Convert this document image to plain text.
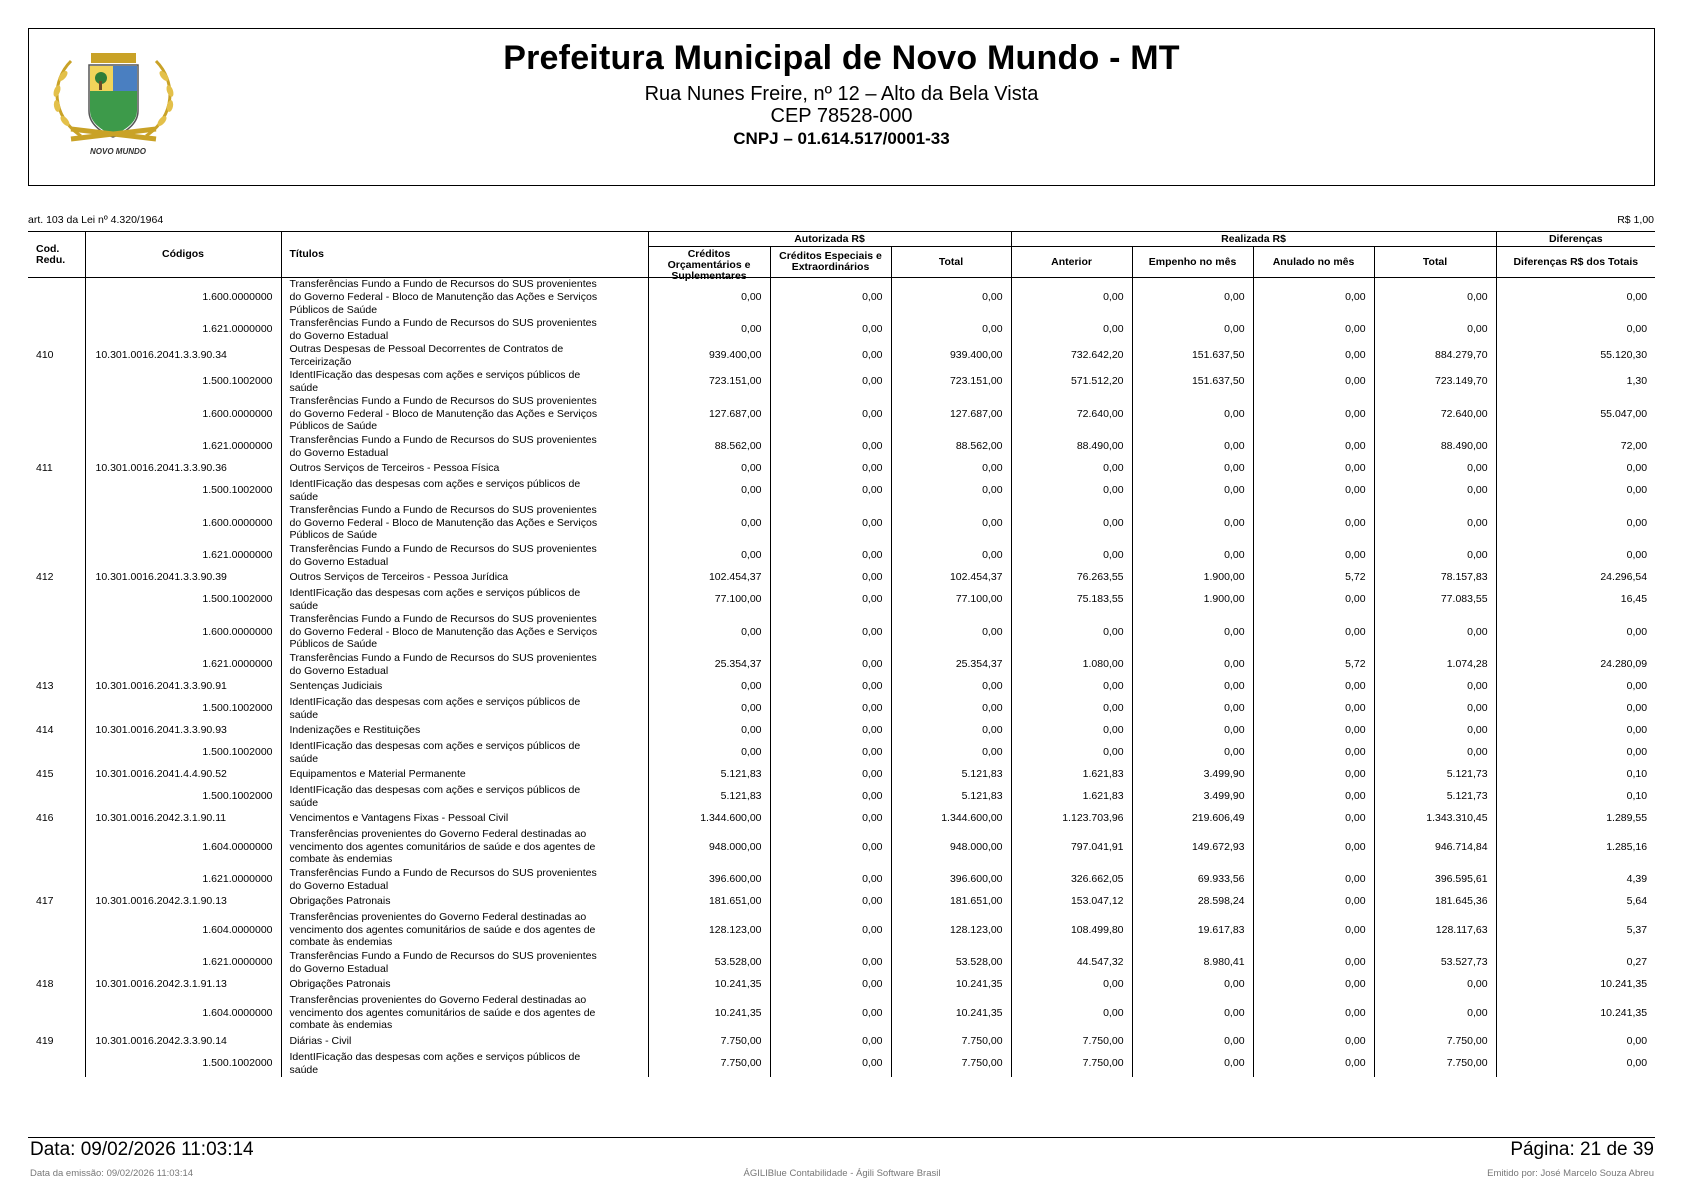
NOVO MUNDO
Prefeitura Municipal de Novo Mundo - MT
Rua Nunes Freire, nº 12 – Alto da Bela Vista
CEP 78528-000
CNPJ – 01.614.517/0001-33
art. 103 da Lei nº 4.320/1964	R$ 1,00
Cod. Redu.	Códigos	Títulos	Autorizada R$			Realizada R$				Diferenças

			Créditos Orçamentários e Suplementares	Créditos Especiais e Extraordinários	Total	Anterior	Empenho no mês	Anulado no mês	Total	Diferenças R$ dos Totais
	1.600.0000000	Transferências Fundo a Fundo de Recursos do SUS provenientes
do Governo Federal - Bloco de Manutenção das Ações e Serviços
Públicos de Saúde	0,00	0,00	0,00	0,00	0,00	0,00	0,00	0,00
	1.621.0000000	Transferências Fundo a Fundo de Recursos do SUS provenientes
do Governo Estadual	0,00	0,00	0,00	0,00	0,00	0,00	0,00	0,00
410	10.301.0016.2041.3.3.90.34	Outras Despesas de Pessoal Decorrentes de Contratos de
Terceirização	939.400,00	0,00	939.400,00	732.642,20	151.637,50	0,00	884.279,70	55.120,30
	1.500.1002000	IdentIFicação das despesas com ações e serviços públicos de
saúde	723.151,00	0,00	723.151,00	571.512,20	151.637,50	0,00	723.149,70	1,30
	1.600.0000000	Transferências Fundo a Fundo de Recursos do SUS provenientes
do Governo Federal - Bloco de Manutenção das Ações e Serviços
Públicos de Saúde	127.687,00	0,00	127.687,00	72.640,00	0,00	0,00	72.640,00	55.047,00
	1.621.0000000	Transferências Fundo a Fundo de Recursos do SUS provenientes
do Governo Estadual	88.562,00	0,00	88.562,00	88.490,00	0,00	0,00	88.490,00	72,00
411	10.301.0016.2041.3.3.90.36	Outros Serviços de Terceiros - Pessoa Física	0,00	0,00	0,00	0,00	0,00	0,00	0,00	0,00
	1.500.1002000	IdentIFicação das despesas com ações e serviços públicos de
saúde	0,00	0,00	0,00	0,00	0,00	0,00	0,00	0,00
	1.600.0000000	Transferências Fundo a Fundo de Recursos do SUS provenientes
do Governo Federal - Bloco de Manutenção das Ações e Serviços
Públicos de Saúde	0,00	0,00	0,00	0,00	0,00	0,00	0,00	0,00
	1.621.0000000	Transferências Fundo a Fundo de Recursos do SUS provenientes
do Governo Estadual	0,00	0,00	0,00	0,00	0,00	0,00	0,00	0,00
412	10.301.0016.2041.3.3.90.39	Outros Serviços de Terceiros - Pessoa Jurídica	102.454,37	0,00	102.454,37	76.263,55	1.900,00	5,72	78.157,83	24.296,54
	1.500.1002000	IdentIFicação das despesas com ações e serviços públicos de
saúde	77.100,00	0,00	77.100,00	75.183,55	1.900,00	0,00	77.083,55	16,45
	1.600.0000000	Transferências Fundo a Fundo de Recursos do SUS provenientes
do Governo Federal - Bloco de Manutenção das Ações e Serviços
Públicos de Saúde	0,00	0,00	0,00	0,00	0,00	0,00	0,00	0,00
	1.621.0000000	Transferências Fundo a Fundo de Recursos do SUS provenientes
do Governo Estadual	25.354,37	0,00	25.354,37	1.080,00	0,00	5,72	1.074,28	24.280,09
413	10.301.0016.2041.3.3.90.91	Sentenças Judiciais	0,00	0,00	0,00	0,00	0,00	0,00	0,00	0,00
	1.500.1002000	IdentIFicação das despesas com ações e serviços públicos de
saúde	0,00	0,00	0,00	0,00	0,00	0,00	0,00	0,00
414	10.301.0016.2041.3.3.90.93	Indenizações e Restituições	0,00	0,00	0,00	0,00	0,00	0,00	0,00	0,00
	1.500.1002000	IdentIFicação das despesas com ações e serviços públicos de
saúde	0,00	0,00	0,00	0,00	0,00	0,00	0,00	0,00
415	10.301.0016.2041.4.4.90.52	Equipamentos e Material Permanente	5.121,83	0,00	5.121,83	1.621,83	3.499,90	0,00	5.121,73	0,10
	1.500.1002000	IdentIFicação das despesas com ações e serviços públicos de
saúde	5.121,83	0,00	5.121,83	1.621,83	3.499,90	0,00	5.121,73	0,10
416	10.301.0016.2042.3.1.90.11	Vencimentos e Vantagens Fixas - Pessoal Civil	1.344.600,00	0,00	1.344.600,00	1.123.703,96	219.606,49	0,00	1.343.310,45	1.289,55
	1.604.0000000	Transferências provenientes do Governo Federal destinadas ao
vencimento dos agentes comunitários de saúde e dos agentes de
combate às endemias	948.000,00	0,00	948.000,00	797.041,91	149.672,93	0,00	946.714,84	1.285,16
	1.621.0000000	Transferências Fundo a Fundo de Recursos do SUS provenientes
do Governo Estadual	396.600,00	0,00	396.600,00	326.662,05	69.933,56	0,00	396.595,61	4,39
417	10.301.0016.2042.3.1.90.13	Obrigações Patronais	181.651,00	0,00	181.651,00	153.047,12	28.598,24	0,00	181.645,36	5,64
	1.604.0000000	Transferências provenientes do Governo Federal destinadas ao
vencimento dos agentes comunitários de saúde e dos agentes de
combate às endemias	128.123,00	0,00	128.123,00	108.499,80	19.617,83	0,00	128.117,63	5,37
	1.621.0000000	Transferências Fundo a Fundo de Recursos do SUS provenientes
do Governo Estadual	53.528,00	0,00	53.528,00	44.547,32	8.980,41	0,00	53.527,73	0,27
418	10.301.0016.2042.3.1.91.13	Obrigações Patronais	10.241,35	0,00	10.241,35	0,00	0,00	0,00	0,00	10.241,35
	1.604.0000000	Transferências provenientes do Governo Federal destinadas ao
vencimento dos agentes comunitários de saúde e dos agentes de
combate às endemias	10.241,35	0,00	10.241,35	0,00	0,00	0,00	0,00	10.241,35
419	10.301.0016.2042.3.3.90.14	Diárias - Civil	7.750,00	0,00	7.750,00	7.750,00	0,00	0,00	7.750,00	0,00
	1.500.1002000	IdentIFicação das despesas com ações e serviços públicos de
saúde	7.750,00	0,00	7.750,00	7.750,00	0,00	0,00	7.750,00	0,00
Data: 09/02/2026 11:03:14	Página: 21 de 39
Data da emissão: 09/02/2026 11:03:14	ÁGILIBlue Contabilidade - Ágili Software Brasil	Emitido por: José Marcelo Souza Abreu
